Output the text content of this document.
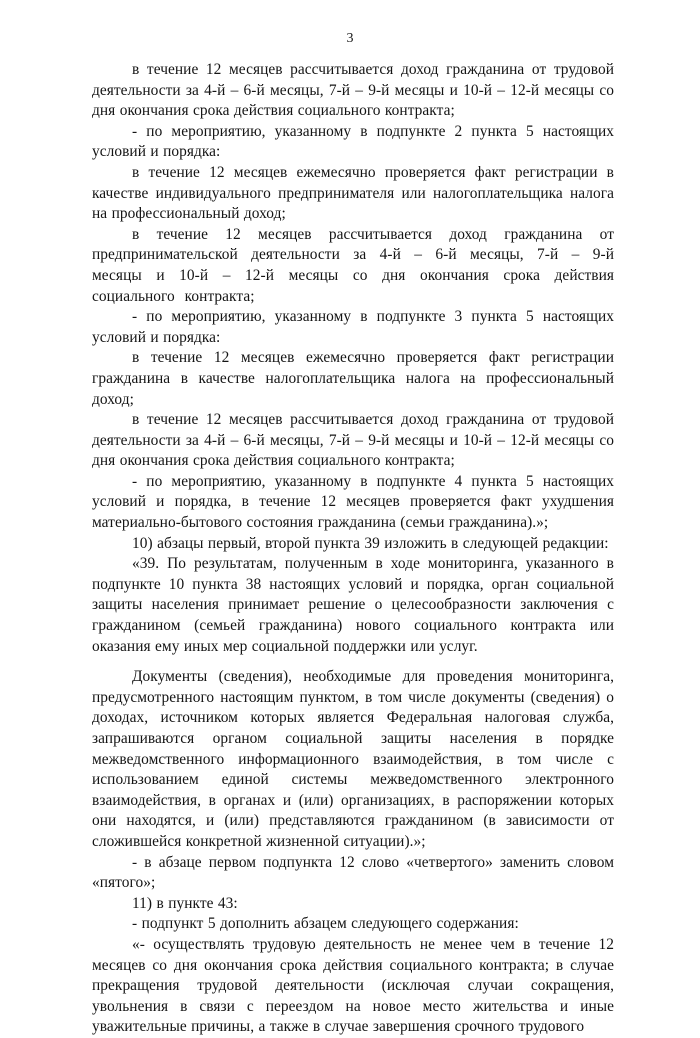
3

в течение 12 месяцев рассчитывается доход гражданина от трудовой деятельности за 4-й – 6-й месяцы, 7-й – 9-й месяцы и 10-й – 12-й месяцы со дня окончания срока действия социального контракта;

- по мероприятию, указанному в подпункте 2 пункта 5 настоящих условий и порядка:

в течение 12 месяцев ежемесячно проверяется факт регистрации в качестве индивидуального предпринимателя или налогоплательщика налога на профессиональный доход;

в течение 12 месяцев рассчитывается доход гражданина от предпринимательской деятельности за 4-й – 6-й месяцы, 7-й – 9-й месяцы и 10-й – 12-й месяцы со дня окончания срока действия социального контракта;

- по мероприятию, указанному в подпункте 3 пункта 5 настоящих условий и порядка:

в течение 12 месяцев ежемесячно проверяется факт регистрации гражданина в качестве налогоплательщика налога на профессиональный доход;

в течение 12 месяцев рассчитывается доход гражданина от трудовой деятельности за 4-й – 6-й месяцы, 7-й – 9-й месяцы и 10-й – 12-й месяцы со дня окончания срока действия социального контракта;

- по мероприятию, указанному в подпункте 4 пункта 5 настоящих условий и порядка, в течение 12 месяцев проверяется факт ухудшения материально-бытового состояния гражданина (семьи гражданина).»;

10) абзацы первый, второй пункта 39 изложить в следующей редакции:

«39. По результатам, полученным в ходе мониторинга, указанного в подпункте 10 пункта 38 настоящих условий и порядка, орган социальной защиты населения принимает решение о целесообразности заключения с гражданином (семьей гражданина) нового социального контракта или оказания ему иных мер социальной поддержки или услуг.

Документы (сведения), необходимые для проведения мониторинга, предусмотренного настоящим пунктом, в том числе документы (сведения) о доходах, источником которых является Федеральная налоговая служба, запрашиваются органом социальной защиты населения в порядке межведомственного информационного взаимодействия, в том числе с использованием единой системы межведомственного электронного взаимодействия, в органах и (или) организациях, в распоряжении которых они находятся, и (или) представляются гражданином (в зависимости от сложившейся конкретной жизненной ситуации).»;

- в абзаце первом подпункта 12 слово «четвертого» заменить словом «пятого»;

11) в пункте 43:

- подпункт 5 дополнить абзацем следующего содержания:

«- осуществлять трудовую деятельность не менее чем в течение 12 месяцев со дня окончания срока действия социального контракта; в случае прекращения трудовой деятельности (исключая случаи сокращения, увольнения в связи с переездом на новое место жительства и иные уважительные причины, а также в случае завершения срочного трудового
